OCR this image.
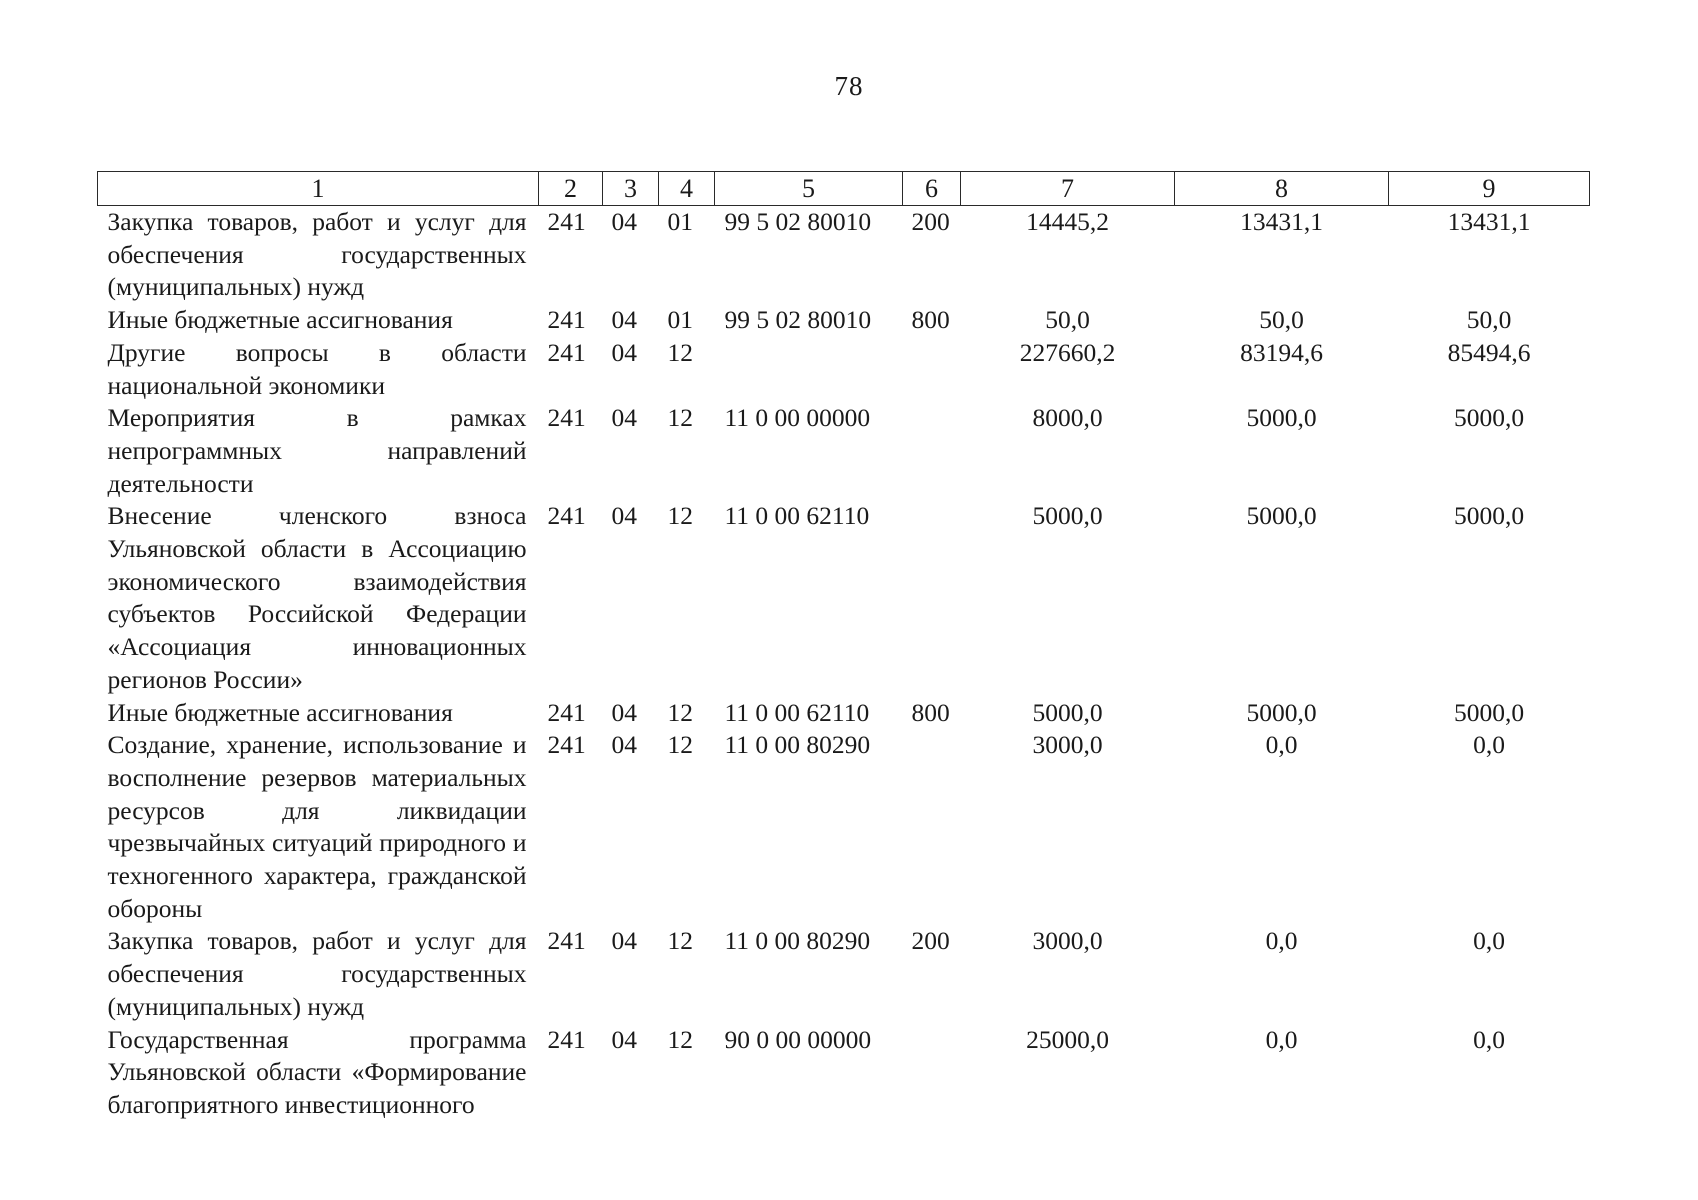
78
1	2	3	4	5	6	7	8	9
Закупка товаров, работ и услуг для обеспечения государственных (муниципальных) нужд	241	04	01	99 5 02 80010	200	14445,2	13431,1	13431,1
Иные бюджетные ассигнования	241	04	01	99 5 02 80010	800	50,0	50,0	50,0
Другие вопросы в области национальной экономики	241	04	12			227660,2	83194,6	85494,6
Мероприятия в рамках непрограммных направлений деятельности	241	04	12	11 0 00 00000		8000,0	5000,0	5000,0
Внесение членского взноса Ульяновской области в Ассоциацию экономического взаимодействия субъектов Российской Федерации «Ассоциация инновационных регионов России»	241	04	12	11 0 00 62110		5000,0	5000,0	5000,0
Иные бюджетные ассигнования	241	04	12	11 0 00 62110	800	5000,0	5000,0	5000,0
Создание, хранение, использование и восполнение резервов материальных ресурсов для ликвидации чрезвычайных ситуаций природного и техногенного характера, гражданской обороны	241	04	12	11 0 00 80290		3000,0	0,0	0,0
Закупка товаров, работ и услуг для обеспечения государственных (муниципальных) нужд	241	04	12	11 0 00 80290	200	3000,0	0,0	0,0
Государственная программа Ульяновской области «Формирование благоприятного инвестиционного	241	04	12	90 0 00 00000		25000,0	0,0	0,0
